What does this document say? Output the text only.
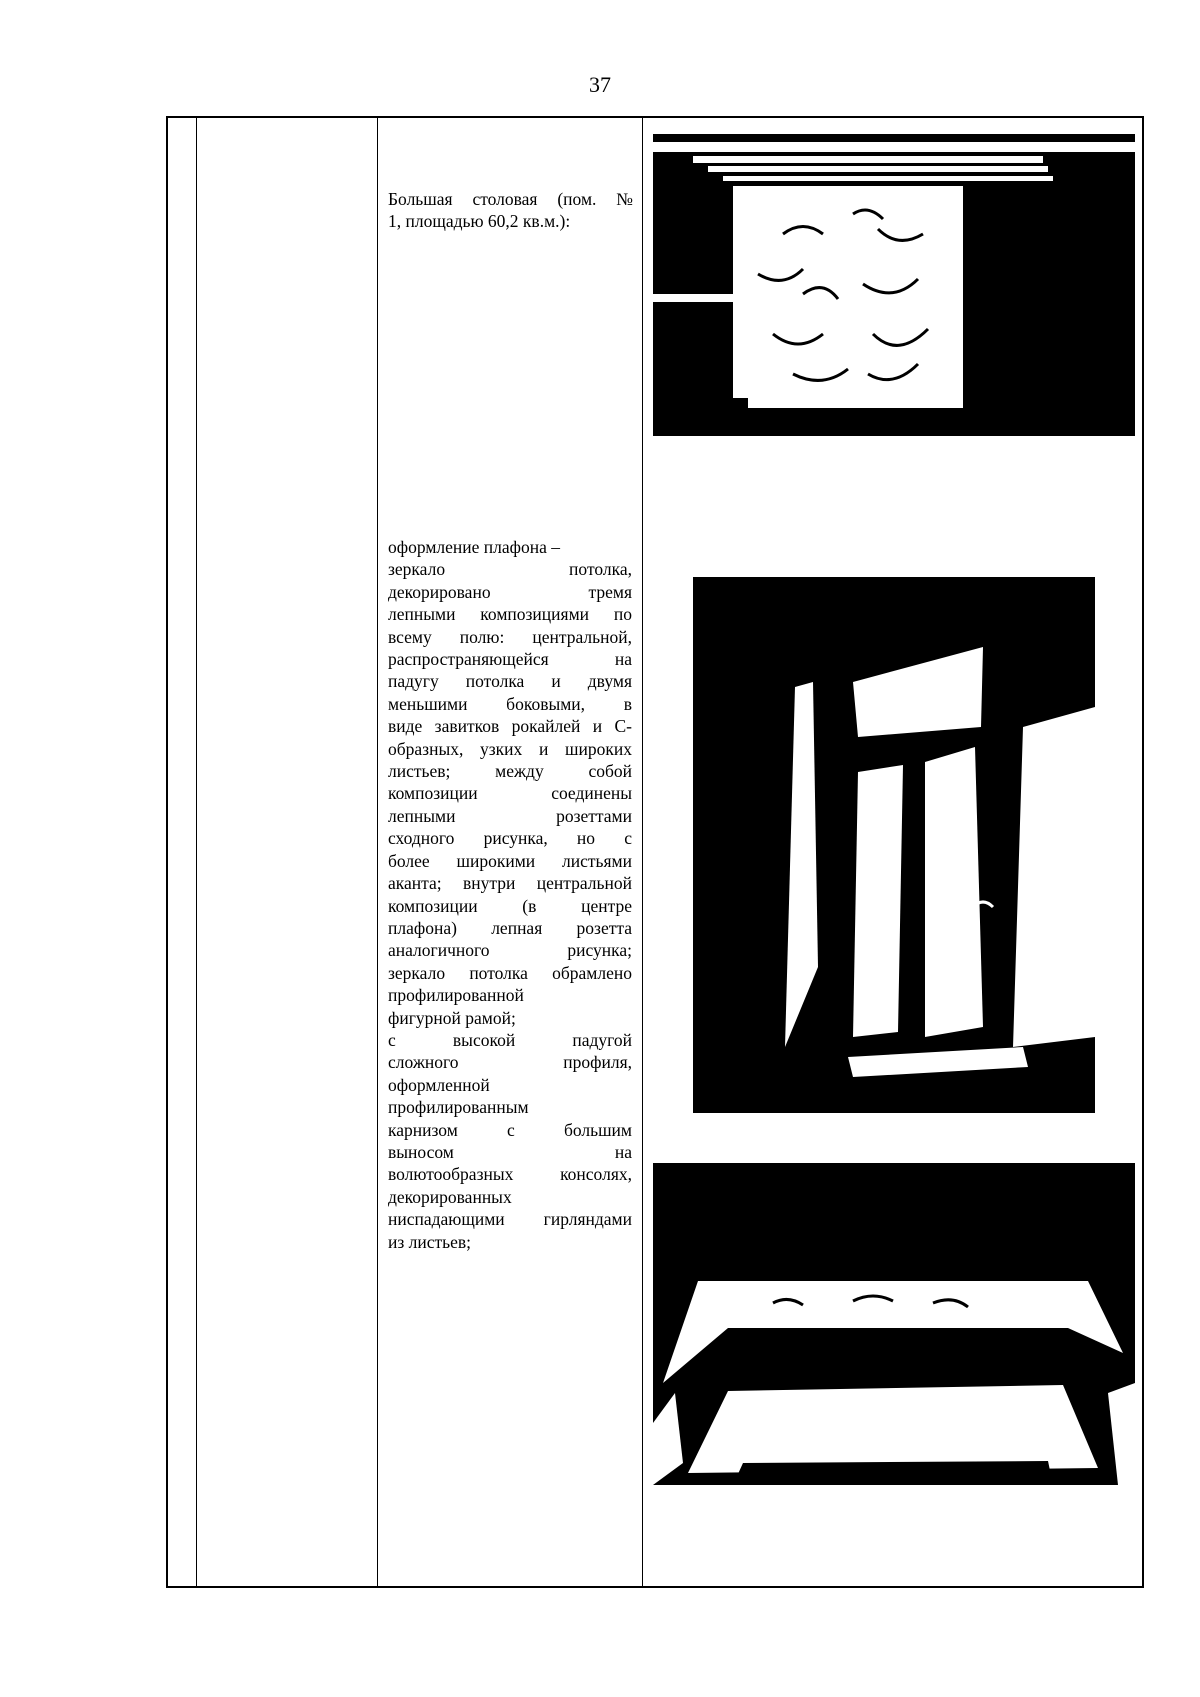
37
Большая столовая (пом. №
1, площадью 60,2 кв.м.):
оформление плафона –
зеркало потолка,
декорировано тремя
лепными композициями по
всему полю: центральной,
распространяющейся на
падугу потолка и двумя
меньшими боковыми, в
виде завитков рокайлей и С-
образных, узких и широких
листьев; между собой
композиции соединены
лепными розеттами
сходного рисунка, но с
более широкими листьями
аканта; внутри центральной
композиции (в центре
плафона) лепная розетта
аналогичного рисунка;
зеркало потолка обрамлено
профилированной
фигурной рамой;
с высокой падугой
сложного профиля,
оформленной
профилированным
карнизом с большим
выносом на
волютообразных консолях,
декорированных
ниспадающими гирляндами
из листьев;
